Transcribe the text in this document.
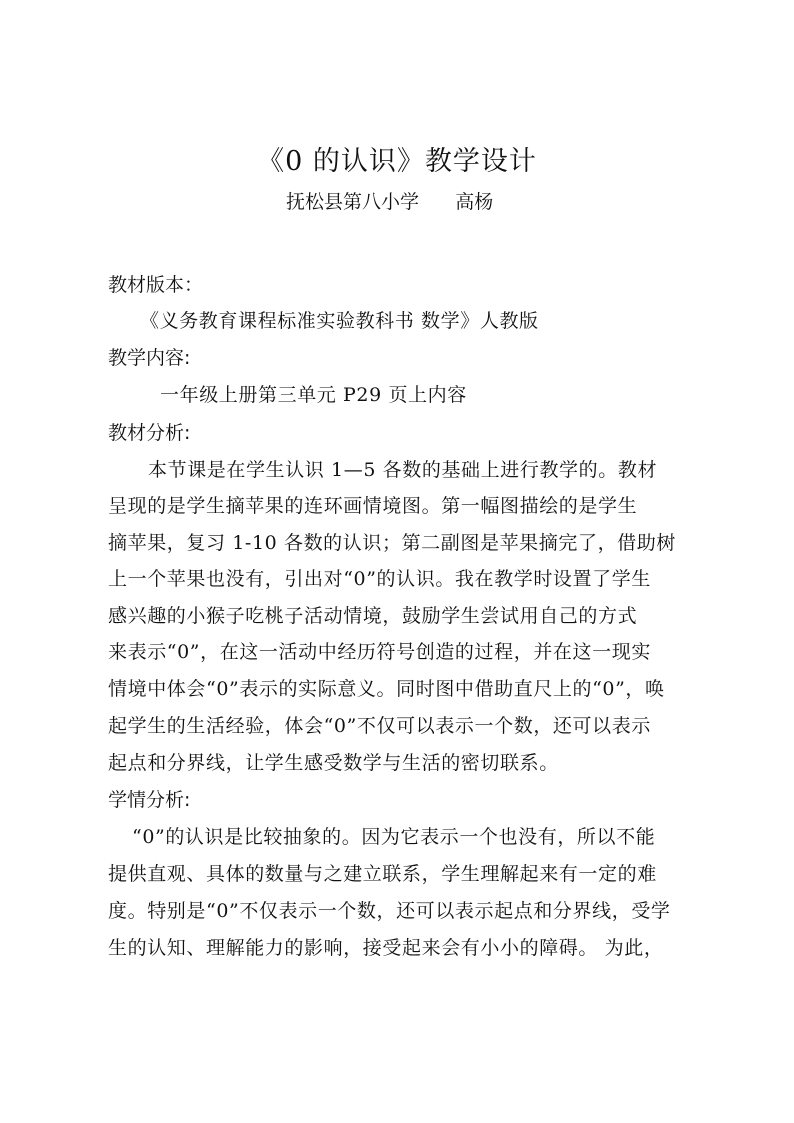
《0 的认识》教学设计
抚松县第八小学      高杨
教材版本：
《义务教育课程标准实验教科书 数学》人教版
教学内容:
一年级上册第三单元 P29 页上内容
教材分析:
本节课是在学生认识 1—5 各数的基础上进行教学的。教材
呈现的是学生摘苹果的连环画情境图。第一幅图描绘的是学生
摘苹果，复习 1-10 各数的认识；第二副图是苹果摘完了，借助树
上一个苹果也没有，引出对“0”的认识。我在教学时设置了学生
感兴趣的小猴子吃桃子活动情境，鼓励学生尝试用自己的方式
来表示“0”，在这一活动中经历符号创造的过程，并在这一现实
情境中体会“0”表示的实际意义。同时图中借助直尺上的“0”，唤
起学生的生活经验，体会“0”不仅可以表示一个数，还可以表示
起点和分界线，让学生感受数学与生活的密切联系。
学情分析:
“0”的认识是比较抽象的。因为它表示一个也没有，所以不能
提供直观、具体的数量与之建立联系，学生理解起来有一定的难
度。特别是“0”不仅表示一个数，还可以表示起点和分界线，受学
生的认知、理解能力的影响，接受起来会有小小的障碍。 为此，
